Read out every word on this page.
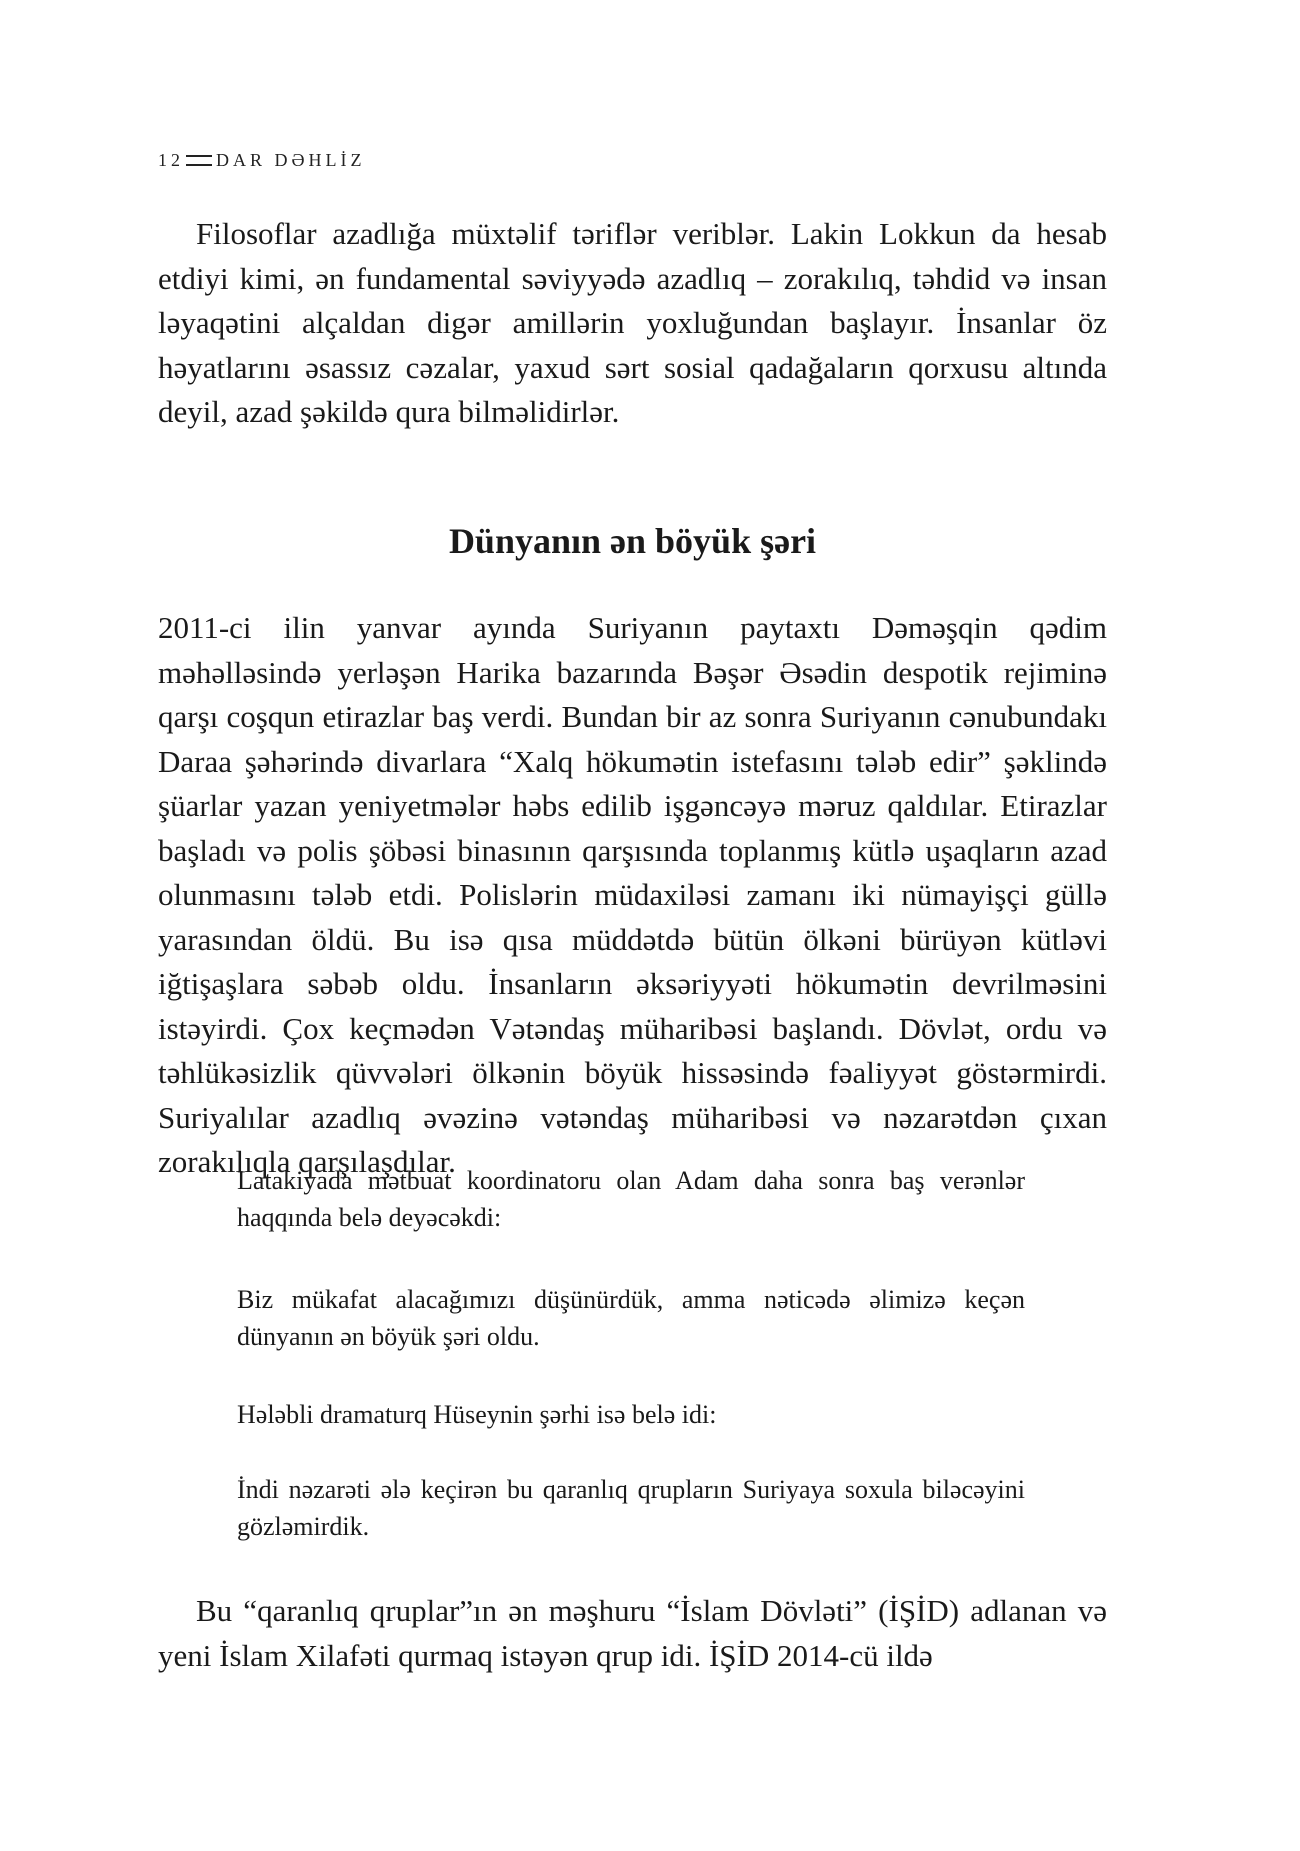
12 DAR DƏHLİZ

Filosoflar azadlığa müxtəlif təriflər veriblər. Lakin Lokkun da hesab etdiyi kimi, ən fundamental səviyyədə azadlıq – zorakılıq, təhdid və insan ləyaqətini alçaldan digər amillərin yoxluğundan başlayır. İnsanlar öz həyatlarını əsassız cəzalar, yaxud sərt sosial qadağaların qorxusu altında deyil, azad şəkildə qura bilməlidirlər.

Dünyanın ən böyük şəri

2011-ci ilin yanvar ayında Suriyanın paytaxtı Dəməşqin qədim məhəlləsində yerləşən Harika bazarında Bəşər Əsədin despotik rejiminə qarşı coşqun etirazlar baş verdi. Bundan bir az sonra Suriyanın cənubundakı Daraa şəhərində divarlara “Xalq hökumətin istefasını tələb edir” şəklində şüarlar yazan yeniyetmələr həbs edilib işgəncəyə məruz qaldılar. Etirazlar başladı və polis şöbəsi binasının qarşısında toplanmış kütlə uşaqların azad olunmasını tələb etdi. Polislərin müdaxiləsi zamanı iki nümayişçi güllə yarasından öldü. Bu isə qısa müddətdə bütün ölkəni bürüyən kütləvi iğtişaşlara səbəb oldu. İnsanların əksəriyyəti hökumətin devrilməsini istəyirdi. Çox keçmədən Vətəndaş müharibəsi başlandı. Dövlət, ordu və təhlükəsizlik qüvvələri ölkənin böyük hissəsində fəaliyyət göstərmirdi. Suriyalılar azadlıq əvəzinə vətəndaş müharibəsi və nəzarətdən çıxan zorakılıqla qarşılaşdılar.

Latakiyada mətbuat koordinatoru olan Adam daha sonra baş verənlər haqqında belə deyəcəkdi:

Biz mükafat alacağımızı düşünürdük, amma nəticədə əlimizə keçən dünyanın ən böyük şəri oldu.

Hələbli dramaturq Hüseynin şərhi isə belə idi:

İndi nəzarəti ələ keçirən bu qaranlıq qrupların Suriyaya soxula biləcəyini gözləmirdik.

Bu “qaranlıq qruplar”ın ən məşhuru “İslam Dövləti” (İŞİD) adlanan və yeni İslam Xilafəti qurmaq istəyən qrup idi. İŞİD 2014-cü ildə
